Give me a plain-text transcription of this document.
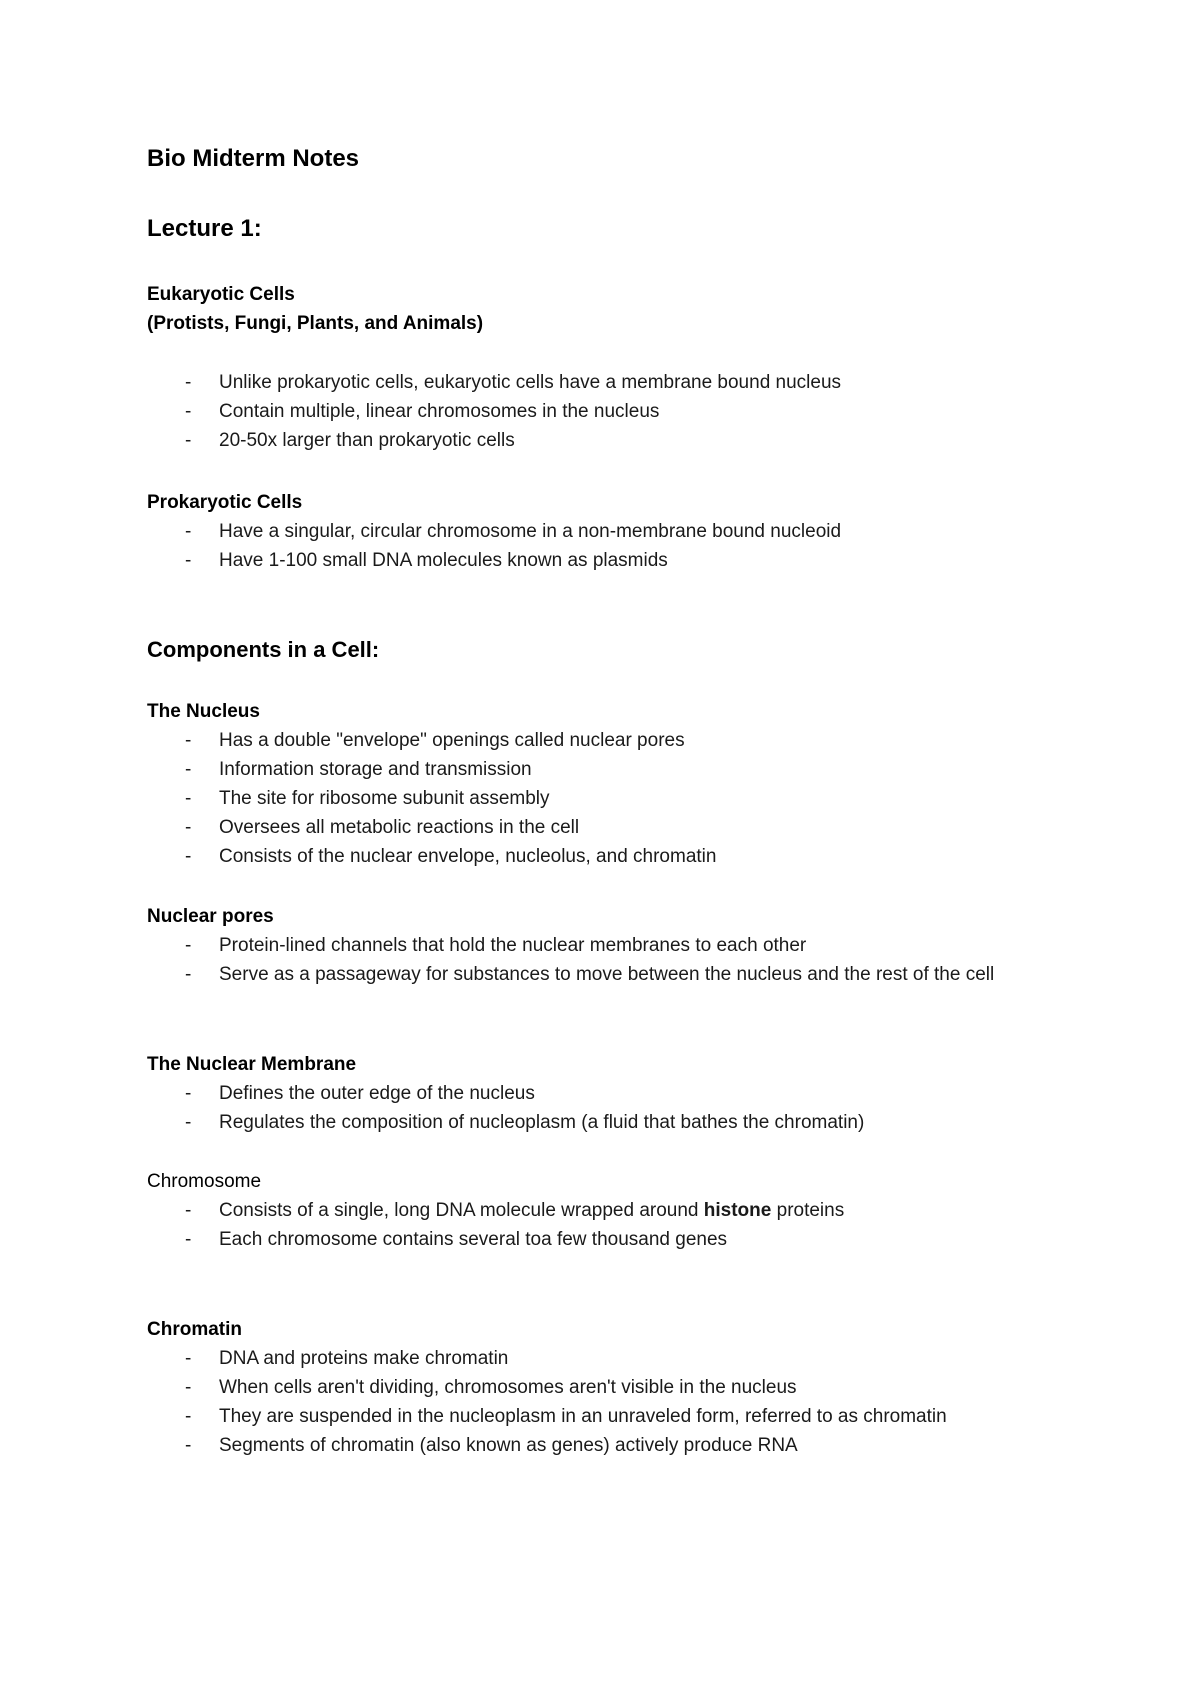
Bio Midterm Notes
Lecture 1:
Eukaryotic Cells
(Protists, Fungi, Plants, and Animals)
- Unlike prokaryotic cells, eukaryotic cells have a membrane bound nucleus
- Contain multiple, linear chromosomes in the nucleus
- 20-50x larger than prokaryotic cells
Prokaryotic Cells
- Have a singular, circular chromosome in a non-membrane bound nucleoid
- Have 1-100 small DNA molecules known as plasmids
Components in a Cell:
The Nucleus
- Has a double "envelope" openings called nuclear pores
- Information storage and transmission
- The site for ribosome subunit assembly
- Oversees all metabolic reactions in the cell
- Consists of the nuclear envelope, nucleolus, and chromatin
Nuclear pores
- Protein-lined channels that hold the nuclear membranes to each other
- Serve as a passageway for substances to move between the nucleus and the rest of the cell
The Nuclear Membrane
- Defines the outer edge of the nucleus
- Regulates the composition of nucleoplasm (a fluid that bathes the chromatin)
Chromosome
- Consists of a single, long DNA molecule wrapped around histone proteins
- Each chromosome contains several toa few thousand genes
Chromatin
- DNA and proteins make chromatin
- When cells aren't dividing, chromosomes aren't visible in the nucleus
- They are suspended in the nucleoplasm in an unraveled form, referred to as chromatin
- Segments of chromatin (also known as genes) actively produce RNA
